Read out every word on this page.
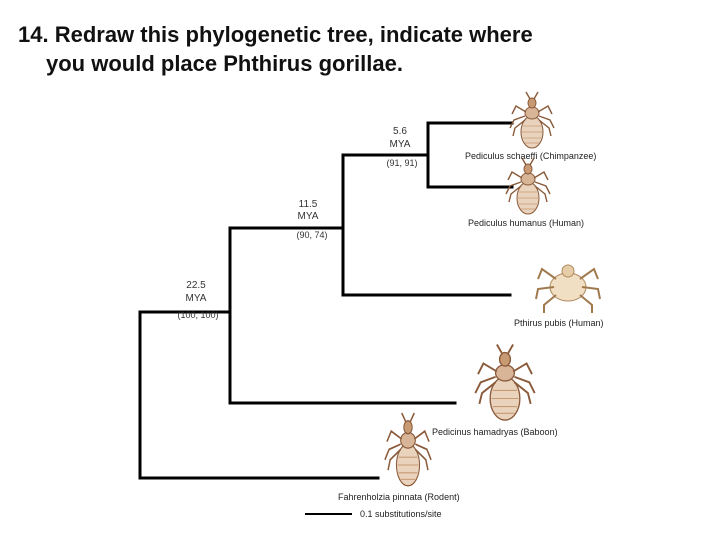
14. Redraw this phylogenetic tree, indicate where
you would place Phthirus gorillae.
5.6
MYA
(91, 91)
11.5
MYA
(90, 74)
22.5
MYA
(100, 100)
Pediculus schaeffi (Chimpanzee)
Pediculus humanus (Human)
Pthirus pubis (Human)
Pedicinus hamadryas (Baboon)
Fahrenholzia pinnata (Rodent)
0.1 substitutions/site
